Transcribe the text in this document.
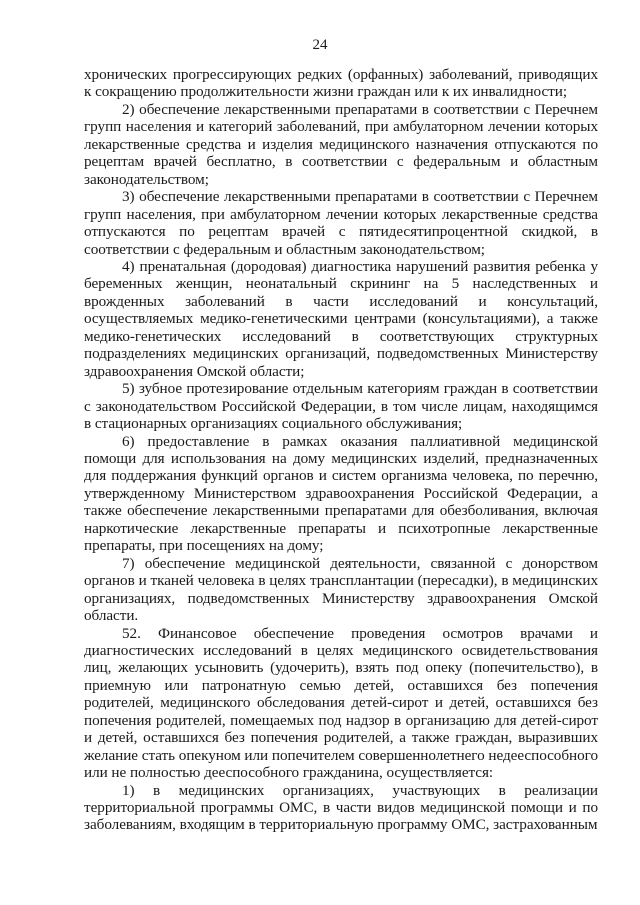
24

хронических прогрессирующих редких (орфанных) заболеваний, приводящих к сокращению продолжительности жизни граждан или к их инвалидности;

2) обеспечение лекарственными препаратами в соответствии с Перечнем групп населения и категорий заболеваний, при амбулаторном лечении которых лекарственные средства и изделия медицинского назначения отпускаются по рецептам врачей бесплатно, в соответствии с федеральным и областным законодательством;

3) обеспечение лекарственными препаратами в соответствии с Перечнем групп населения, при амбулаторном лечении которых лекарственные средства отпускаются по рецептам врачей с пятидесятипроцентной скидкой, в соответствии с федеральным и областным законодательством;

4) пренатальная (дородовая) диагностика нарушений развития ребенка у беременных женщин, неонатальный скрининг на 5 наследственных и врожденных заболеваний в части исследований и консультаций, осуществляемых медико-генетическими центрами (консультациями), а также медико-генетических исследований в соответствующих структурных подразделениях медицинских организаций, подведомственных Министерству здравоохранения Омской области;

5) зубное протезирование отдельным категориям граждан в соответствии с законодательством Российской Федерации, в том числе лицам, находящимся в стационарных организациях социального обслуживания;

6) предоставление в рамках оказания паллиативной медицинской помощи для использования на дому медицинских изделий, предназначенных для поддержания функций органов и систем организма человека, по перечню, утвержденному Министерством здравоохранения Российской Федерации, а также обеспечение лекарственными препаратами для обезболивания, включая наркотические лекарственные препараты и психотропные лекарственные препараты, при посещениях на дому;

7) обеспечение медицинской деятельности, связанной с донорством органов и тканей человека в целях трансплантации (пересадки), в медицинских организациях, подведомственных Министерству здравоохранения Омской области.

52. Финансовое обеспечение проведения осмотров врачами и диагностических исследований в целях медицинского освидетельствования лиц, желающих усыновить (удочерить), взять под опеку (попечительство), в приемную или патронатную семью детей, оставшихся без попечения родителей, медицинского обследования детей-сирот и детей, оставшихся без попечения родителей, помещаемых под надзор в организацию для детей-сирот и детей, оставшихся без попечения родителей, а также граждан, выразивших желание стать опекуном или попечителем совершеннолетнего недееспособного или не полностью дееспособного гражданина, осуществляется:

1) в медицинских организациях, участвующих в реализации территориальной программы ОМС, в части видов медицинской помощи и по заболеваниям, входящим в территориальную программу ОМС, застрахованным
